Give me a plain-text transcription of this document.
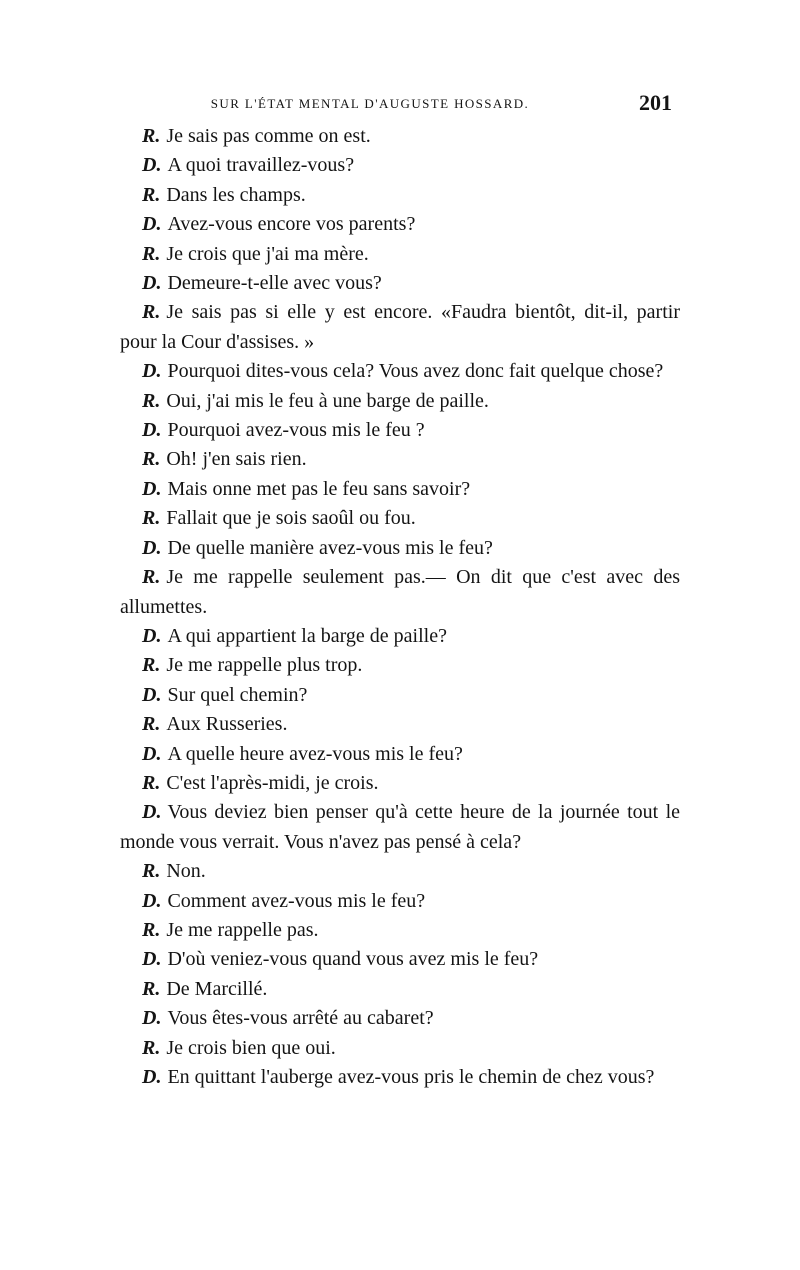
SUR L'ÉTAT MENTAL D'AUGUSTE HOSSARD.	201
R. Je sais pas comme on est.
D. A quoi travaillez-vous?
R. Dans les champs.
D. Avez-vous encore vos parents?
R. Je crois que j'ai ma mère.
D. Demeure-t-elle avec vous?
R. Je sais pas si elle y est encore. «Faudra bientôt, dit-il, partir pour la Cour d'assises. »
D. Pourquoi dites-vous cela? Vous avez donc fait quelque chose?
R. Oui, j'ai mis le feu à une barge de paille.
D. Pourquoi avez-vous mis le feu ?
R. Oh! j'en sais rien.
D. Mais onne met pas le feu sans savoir?
R. Fallait que je sois saoûl ou fou.
D. De quelle manière avez-vous mis le feu?
R. Je me rappelle seulement pas.— On dit que c'est avec des allumettes.
D. A qui appartient la barge de paille?
R. Je me rappelle plus trop.
D. Sur quel chemin?
R. Aux Russeries.
D. A quelle heure avez-vous mis le feu?
R. C'est l'après-midi, je crois.
D. Vous deviez bien penser qu'à cette heure de la journée tout le monde vous verrait. Vous n'avez pas pensé à cela?
R. Non.
D. Comment avez-vous mis le feu?
R. Je me rappelle pas.
D. D'où veniez-vous quand vous avez mis le feu?
R. De Marcillé.
D. Vous êtes-vous arrêté au cabaret?
R. Je crois bien que oui.
D. En quittant l'auberge avez-vous pris le chemin de chez vous?
